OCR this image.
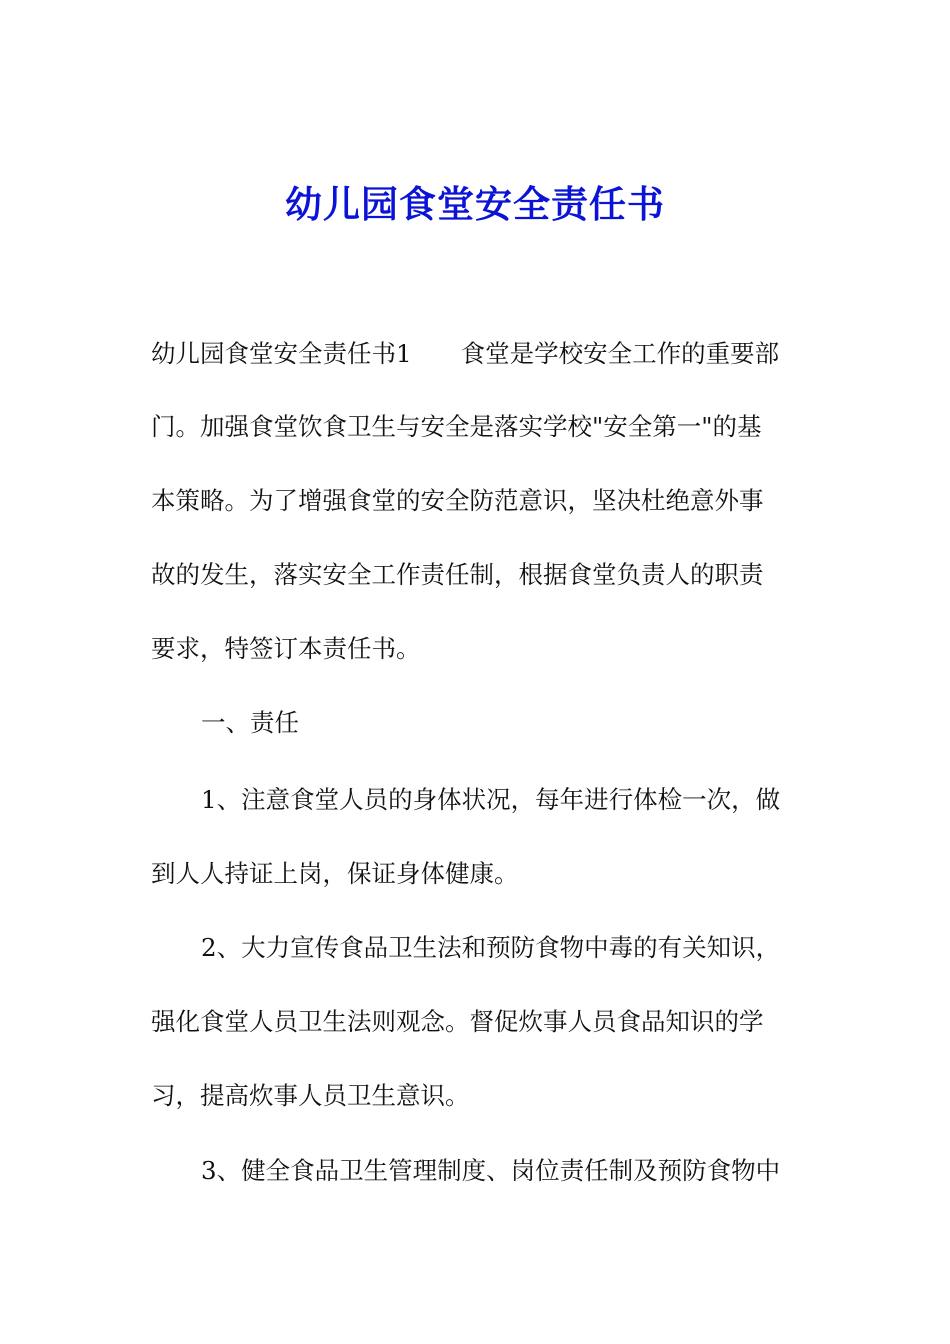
幼儿园食堂安全责任书

幼儿园食堂安全责任书1　　食堂是学校安全工作的重要部

门。加强食堂饮食卫生与安全是落实学校"安全第一"的基

本策略。为了增强食堂的安全防范意识，坚决杜绝意外事

故的发生，落实安全工作责任制，根据食堂负责人的职责

要求，特签订本责任书。

一、责任

1、注意食堂人员的身体状况，每年进行体检一次，做

到人人持证上岗，保证身体健康。

2、大力宣传食品卫生法和预防食物中毒的有关知识，

强化食堂人员卫生法则观念。督促炊事人员食品知识的学

习，提高炊事人员卫生意识。

3、健全食品卫生管理制度、岗位责任制及预防食物中
